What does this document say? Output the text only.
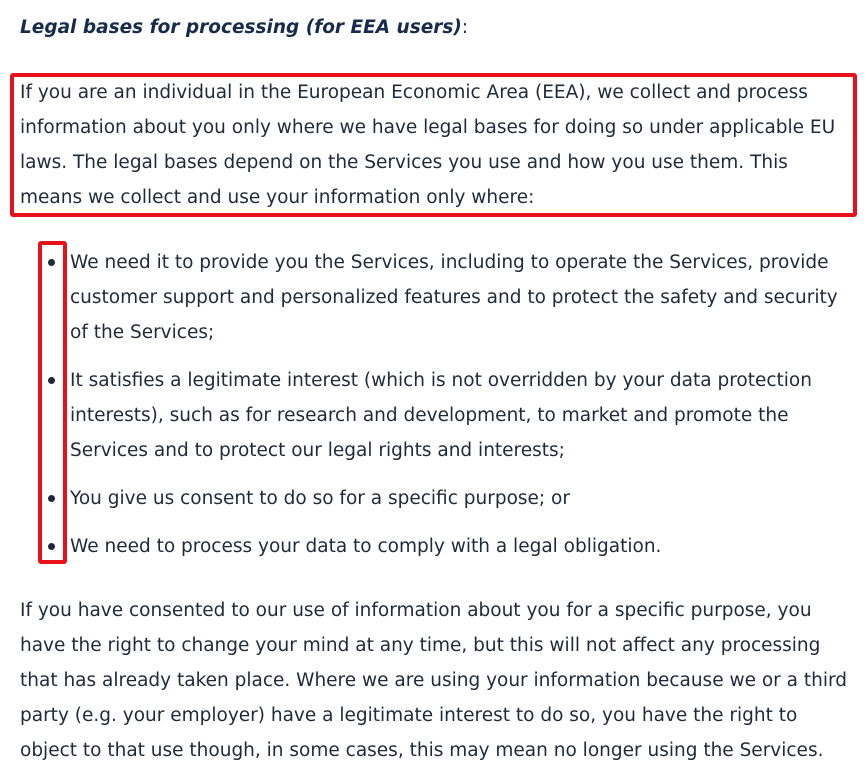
Legal bases for processing (for EEA users):

If you are an individual in the European Economic Area (EEA), we collect and process information about you only where we have legal bases for doing so under applicable EU laws. The legal bases depend on the Services you use and how you use them. This means we collect and use your information only where:

We need it to provide you the Services, including to operate the Services, provide customer support and personalized features and to protect the safety and security of the Services;
It satisfies a legitimate interest (which is not overridden by your data protection interests), such as for research and development, to market and promote the Services and to protect our legal rights and interests;
You give us consent to do so for a specific purpose; or
We need to process your data to comply with a legal obligation.

If you have consented to our use of information about you for a specific purpose, you have the right to change your mind at any time, but this will not affect any processing that has already taken place. Where we are using your information because we or a third party (e.g. your employer) have a legitimate interest to do so, you have the right to object to that use though, in some cases, this may mean no longer using the Services.
